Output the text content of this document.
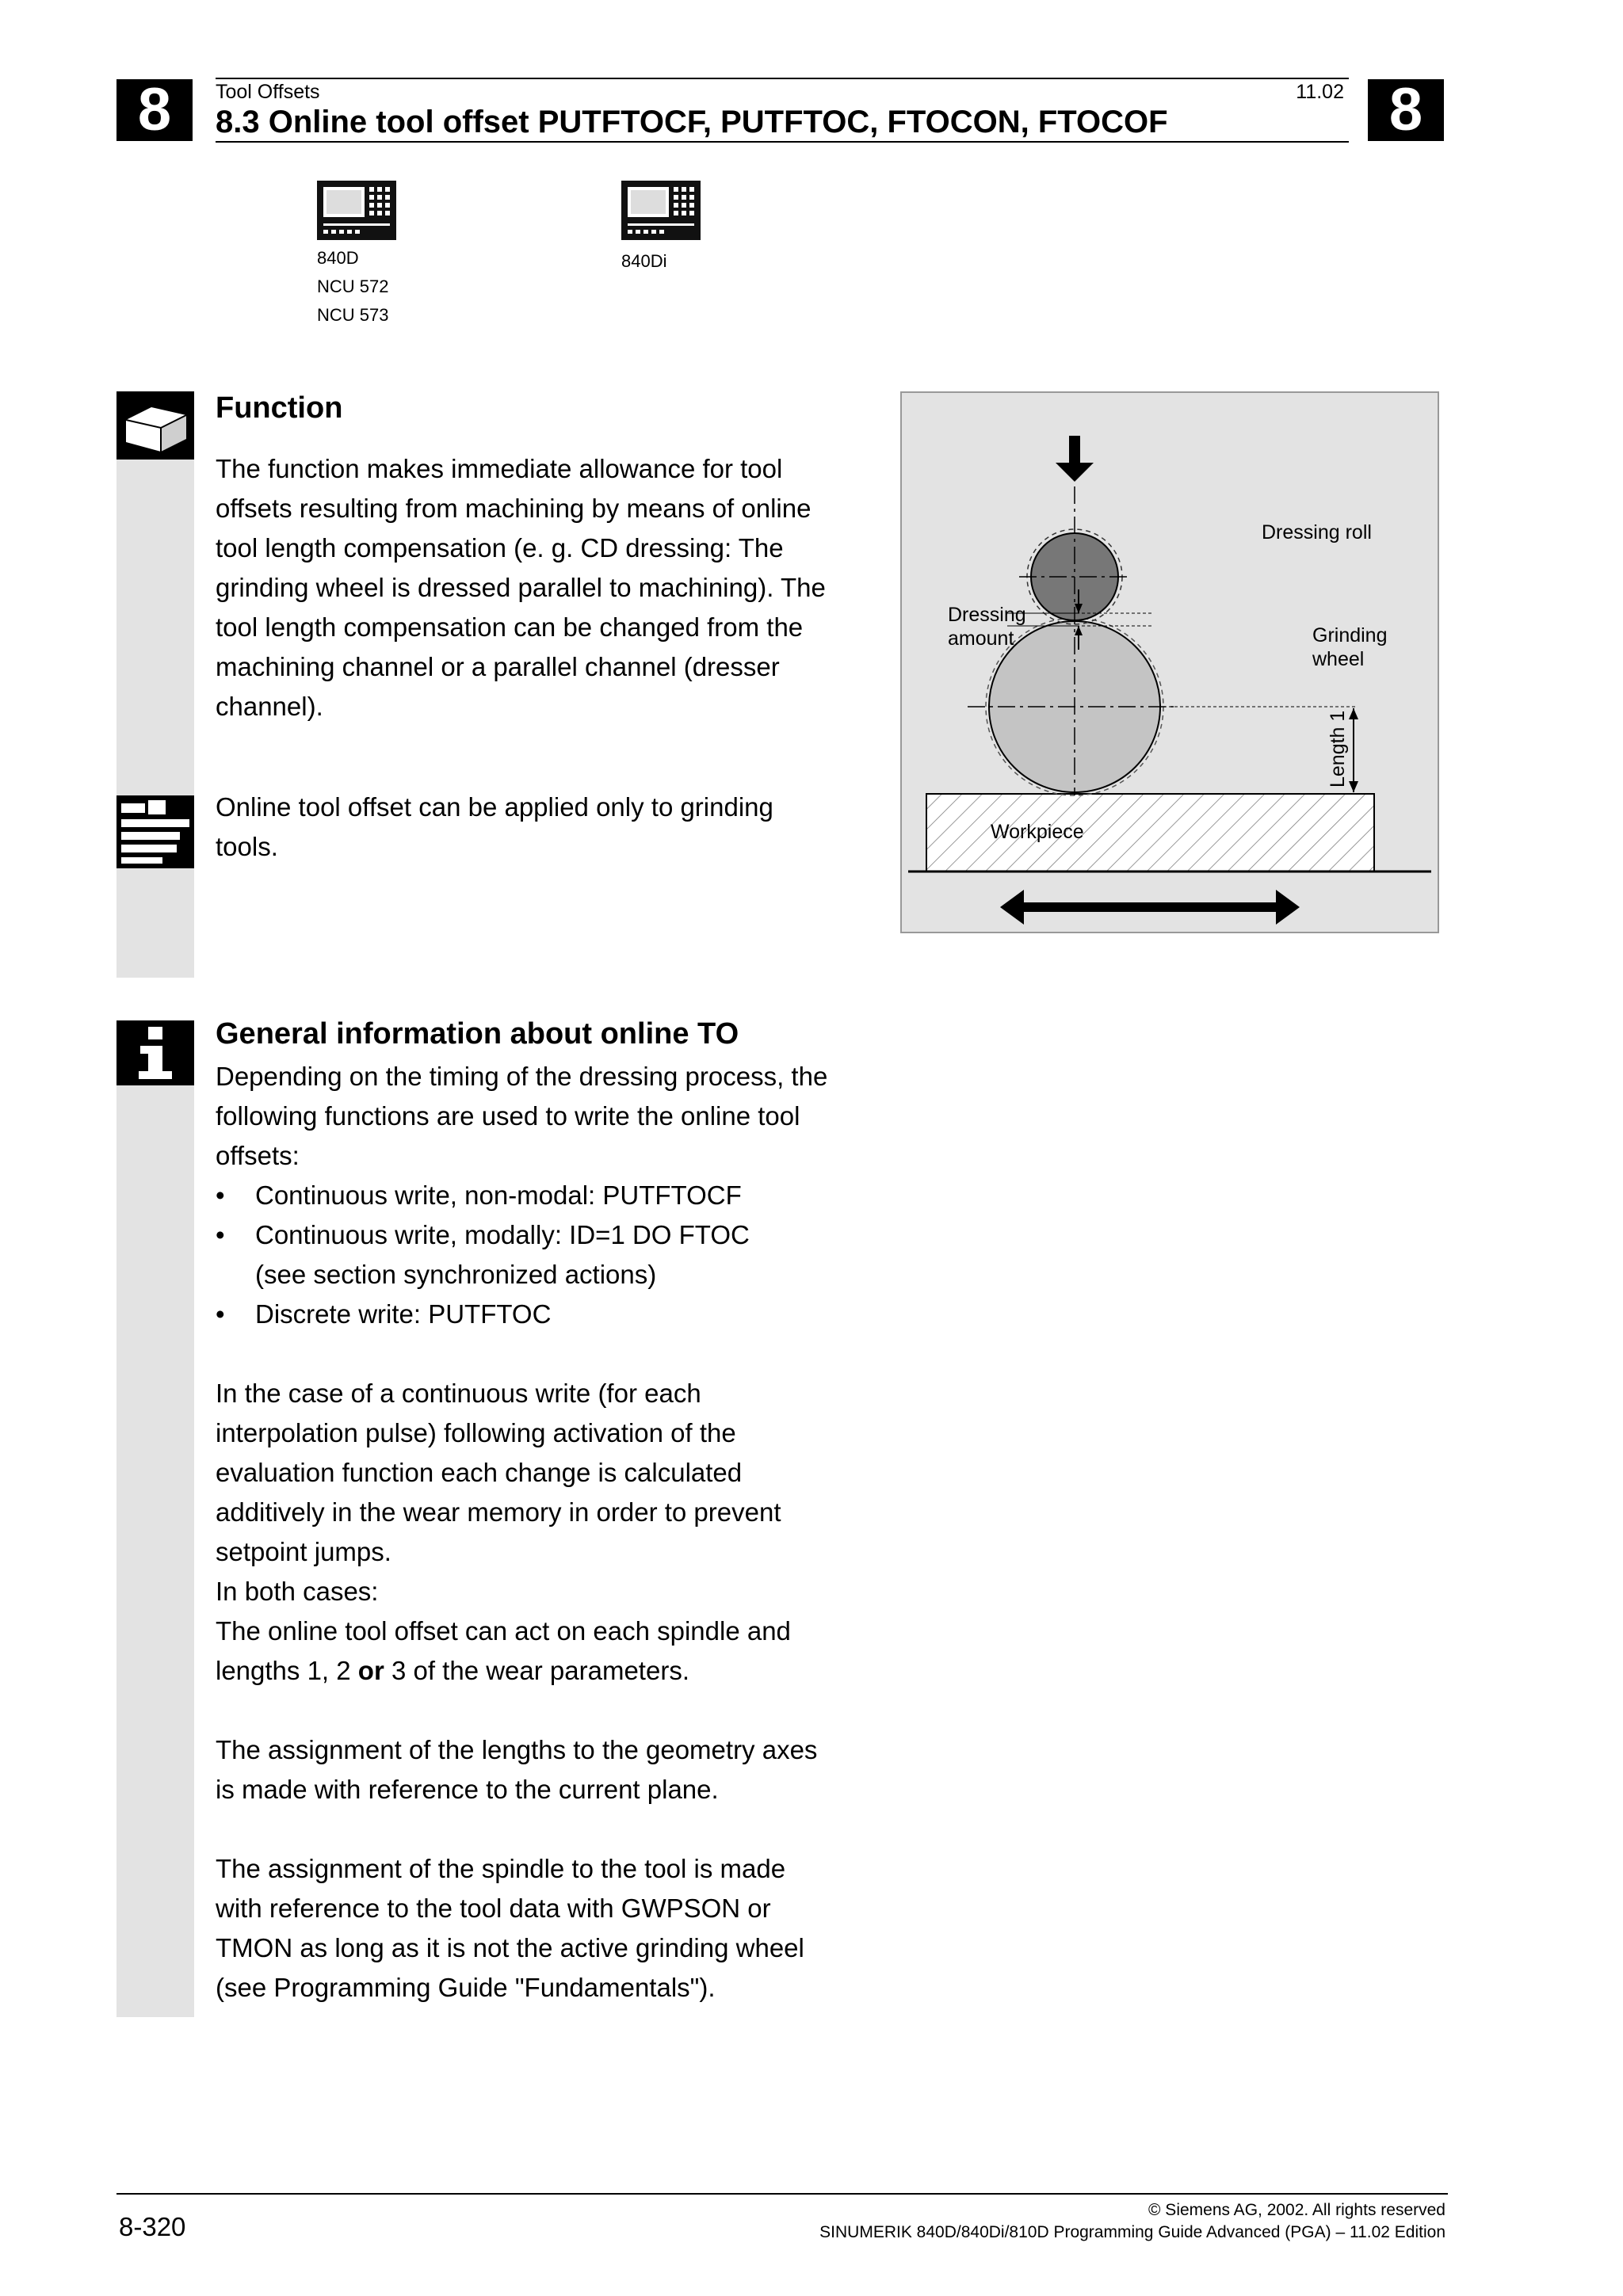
8	8
Tool Offsets	11.02
8.3 Online tool offset PUTFTOCF, PUTFTOC, FTOCON, FTOCOF
840D
NCU 572
NCU 573
840Di
Function

The function makes immediate allowance for tool

offsets resulting from machining by means of online

tool length compensation (e. g. CD dressing: The

grinding wheel is dressed parallel to machining). The

tool length compensation can be changed from the

machining channel or a parallel channel (dresser

channel).

Online tool offset can be applied only to grinding

tools.

Dressing
amount
Dressing roll
Grinding
wheel
Length 1
Workpiece
General information about online TO

Depending on the timing of the dressing process, the

following functions are used to write the online tool

offsets:

• Continuous write, non-modal: PUTFTOCF
• Continuous write, modally: ID=1 DO FTOC

(see section synchronized actions)

• Discrete write: PUTFTOC

In the case of a continuous write (for each

interpolation pulse) following activation of the

evaluation function each change is calculated

additively in the wear memory in order to prevent

setpoint jumps.

In both cases:

The online tool offset can act on each spindle and

lengths 1, 2 or 3 of the wear parameters.

The assignment of the lengths to the geometry axes

is made with reference to the current plane.

The assignment of the spindle to the tool is made

with reference to the tool data with GWPSON or

TMON as long as it is not the active grinding wheel

(see Programming Guide "Fundamentals").

8-320
© Siemens AG, 2002. All rights reserved
SINUMERIK 840D/840Di/810D Programming Guide Advanced (PGA) – 11.02 Edition
